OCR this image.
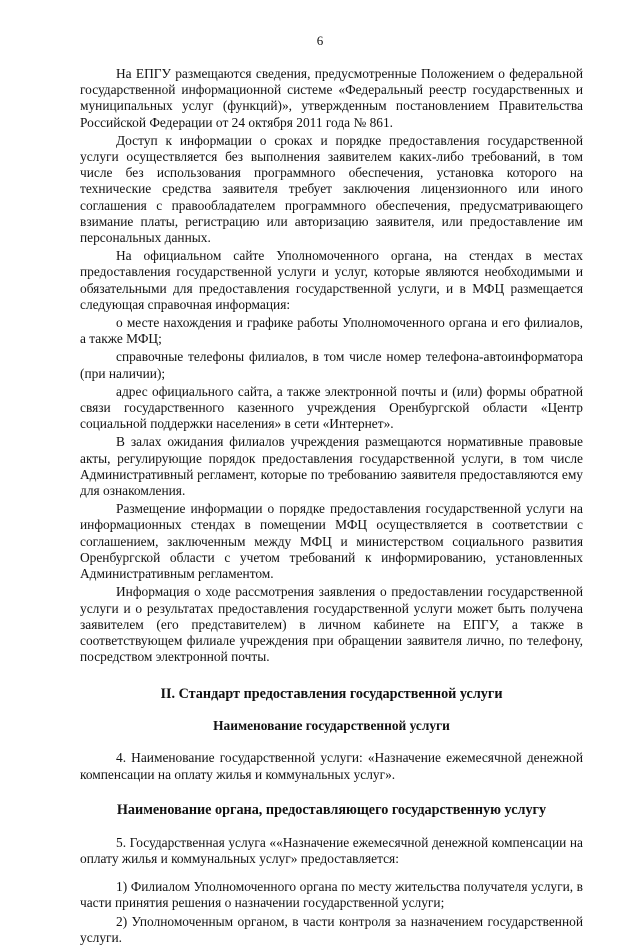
6

На ЕПГУ размещаются сведения, предусмотренные Положением о федеральной государственной информационной системе «Федеральный реестр государственных и муниципальных услуг (функций)», утвержденным постановлением Правительства Российской Федерации от 24 октября 2011 года № 861.

Доступ к информации о сроках и порядке предоставления государственной услуги осуществляется без выполнения заявителем каких-либо требований, в том числе без использования программного обеспечения, установка которого на технические средства заявителя требует заключения лицензионного или иного соглашения с правообладателем программного обеспечения, предусматривающего взимание платы, регистрацию или авторизацию заявителя, или предоставление им персональных данных.

На официальном сайте Уполномоченного органа, на стендах в местах предоставления государственной услуги и услуг, которые являются необходимыми и обязательными для предоставления государственной услуги, и в МФЦ размещается следующая справочная информация:

о месте нахождения и графике работы Уполномоченного органа и его филиалов, а также МФЦ;

справочные телефоны филиалов, в том числе номер телефона-автоинформатора (при наличии);

адрес официального сайта, а также электронной почты и (или) формы обратной связи государственного казенного учреждения Оренбургской области «Центр социальной поддержки населения» в сети «Интернет».

В залах ожидания филиалов учреждения размещаются нормативные правовые акты, регулирующие порядок предоставления государственной услуги, в том числе Административный регламент, которые по требованию заявителя предоставляются ему для ознакомления.

Размещение информации о порядке предоставления государственной услуги на информационных стендах в помещении МФЦ осуществляется в соответствии с соглашением, заключенным между МФЦ и министерством социального развития Оренбургской области с учетом требований к информированию, установленных Административным регламентом.

Информация о ходе рассмотрения заявления о предоставлении государственной услуги и о результатах предоставления государственной услуги может быть получена заявителем (его представителем) в личном кабинете на ЕПГУ, а также в соответствующем филиале учреждения при обращении заявителя лично, по телефону, посредством электронной почты.

II. Стандарт предоставления государственной услуги
Наименование государственной услуги

4. Наименование государственной услуги: «Назначение ежемесячной денежной компенсации на оплату жилья и коммунальных услуг».

Наименование органа, предоставляющего государственную услугу

5. Государственная услуга ««Назначение ежемесячной денежной компенсации на оплату жилья и коммунальных услуг» предоставляется:

1) Филиалом Уполномоченного органа по месту жительства получателя услуги, в части принятия решения о назначении государственной услуги;

2) Уполномоченным органом, в части контроля за назначением государственной услуги.
